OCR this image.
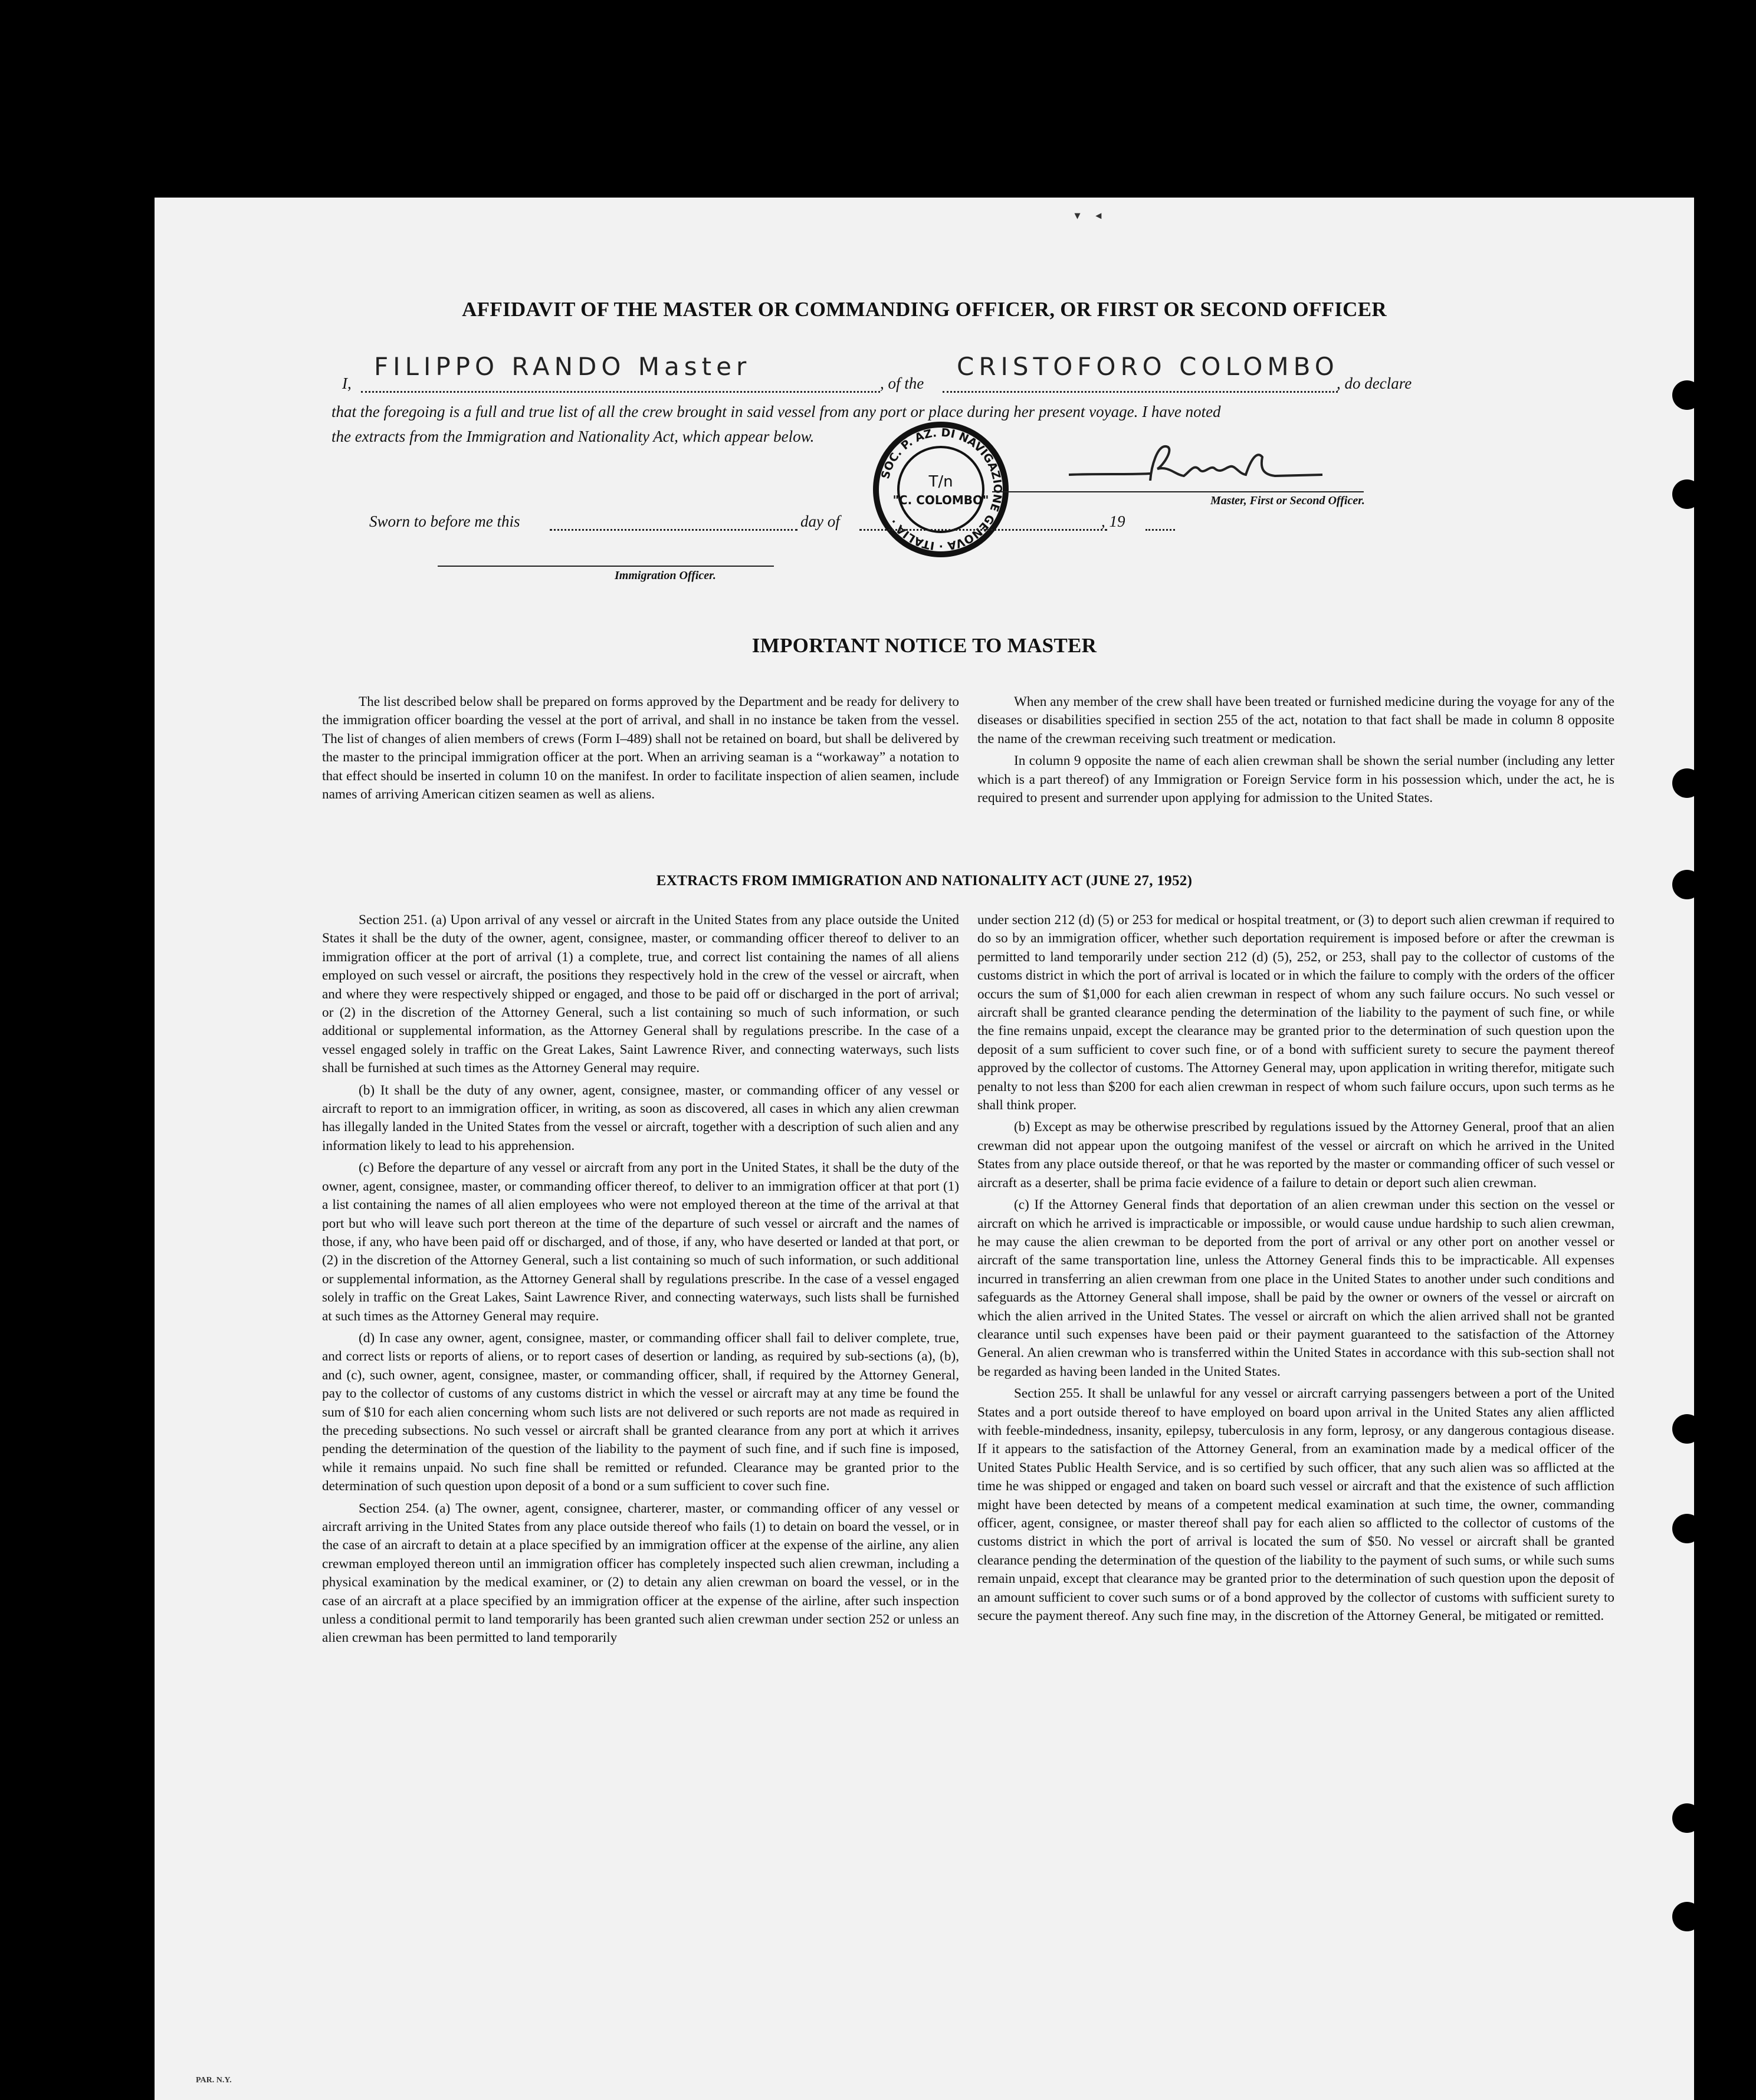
▾      ◂
AFFIDAVIT OF THE MASTER OR COMMANDING OFFICER, OR FIRST OR SECOND OFFICER
I,
FILIPPO RANDO Master
, of the
CRISTOFORO COLOMBO
, do declare
that the foregoing is a full and true list of all the crew brought in said vessel from any port or place during her present voyage. I have noted
the extracts from the Immigration and Nationality Act, which appear below.
SOC. P. AZ. DI NAVIGAZIONE GENOVA · ITALIA ·
T/n
"C. COLOMBO"	Master, First or Second Officer.
Sworn to before me this	day of	, 19
Immigration Officer.
IMPORTANT NOTICE TO MASTER

The list described below shall be prepared on forms approved by the Department and be ready for delivery to the immigration officer boarding the vessel at the port of arrival, and shall in no instance be taken from the vessel. The list of changes of alien members of crews (Form I–489) shall not be retained on board, but shall be delivered by the master to the principal immigration officer at the port. When an arriving seaman is a “workaway” a notation to that effect should be inserted in column 10 on the manifest. In order to facilitate inspection of alien seamen, include names of arriving American citizen seamen as well as aliens.

When any member of the crew shall have been treated or furnished medicine during the voyage for any of the diseases or disabilities specified in section 255 of the act, notation to that fact shall be made in column 8 opposite the name of the crewman receiving such treatment or medication.

In column 9 opposite the name of each alien crewman shall be shown the serial number (including any letter which is a part thereof) of any Immigration or Foreign Service form in his possession which, under the act, he is required to present and surrender upon applying for admission to the United States.

EXTRACTS FROM IMMIGRATION AND NATIONALITY ACT (JUNE 27, 1952)

Section 251. (a) Upon arrival of any vessel or aircraft in the United States from any place outside the United States it shall be the duty of the owner, agent, consignee, master, or commanding officer thereof to deliver to an immigration officer at the port of arrival (1) a complete, true, and correct list containing the names of all aliens employed on such vessel or aircraft, the positions they respectively hold in the crew of the vessel or aircraft, when and where they were respectively shipped or engaged, and those to be paid off or discharged in the port of arrival; or (2) in the discretion of the Attorney General, such a list containing so much of such information, or such additional or supplemental information, as the Attorney General shall by regulations prescribe. In the case of a vessel engaged solely in traffic on the Great Lakes, Saint Lawrence River, and connecting waterways, such lists shall be furnished at such times as the Attorney General may require.

(b) It shall be the duty of any owner, agent, consignee, master, or commanding officer of any vessel or aircraft to report to an immigration officer, in writing, as soon as discovered, all cases in which any alien crewman has illegally landed in the United States from the vessel or aircraft, together with a description of such alien and any information likely to lead to his apprehension.

(c) Before the departure of any vessel or aircraft from any port in the United States, it shall be the duty of the owner, agent, consignee, master, or commanding officer thereof, to deliver to an immigration officer at that port (1) a list containing the names of all alien employees who were not employed thereon at the time of the arrival at that port but who will leave such port thereon at the time of the departure of such vessel or aircraft and the names of those, if any, who have been paid off or discharged, and of those, if any, who have deserted or landed at that port, or (2) in the discretion of the Attorney General, such a list containing so much of such information, or such additional or supplemental information, as the Attorney General shall by regulations prescribe. In the case of a vessel engaged solely in traffic on the Great Lakes, Saint Lawrence River, and connecting waterways, such lists shall be furnished at such times as the Attorney General may require.

(d) In case any owner, agent, consignee, master, or commanding officer shall fail to deliver complete, true, and correct lists or reports of aliens, or to report cases of desertion or landing, as required by sub-sections (a), (b), and (c), such owner, agent, consignee, master, or commanding officer, shall, if required by the Attorney General, pay to the collector of customs of any customs district in which the vessel or aircraft may at any time be found the sum of $10 for each alien concerning whom such lists are not delivered or such reports are not made as required in the preceding subsections. No such vessel or aircraft shall be granted clearance from any port at which it arrives pending the determination of the question of the liability to the payment of such fine, and if such fine is imposed, while it remains unpaid. No such fine shall be remitted or refunded. Clearance may be granted prior to the determination of such question upon deposit of a bond or a sum sufficient to cover such fine.

Section 254. (a) The owner, agent, consignee, charterer, master, or commanding officer of any vessel or aircraft arriving in the United States from any place outside thereof who fails (1) to detain on board the vessel, or in the case of an aircraft to detain at a place specified by an immigration officer at the expense of the airline, any alien crewman employed thereon until an immigration officer has completely inspected such alien crewman, including a physical examination by the medical examiner, or (2) to detain any alien crewman on board the vessel, or in the case of an aircraft at a place specified by an immigration officer at the expense of the airline, after such inspection unless a conditional permit to land temporarily has been granted such alien crewman under section 252 or unless an alien crewman has been permitted to land temporarily

under section 212 (d) (5) or 253 for medical or hospital treatment, or (3) to deport such alien crewman if required to do so by an immigration officer, whether such deportation requirement is imposed before or after the crewman is permitted to land temporarily under section 212 (d) (5), 252, or 253, shall pay to the collector of customs of the customs district in which the port of arrival is located or in which the failure to comply with the orders of the officer occurs the sum of $1,000 for each alien crewman in respect of whom any such failure occurs. No such vessel or aircraft shall be granted clearance pending the determination of the liability to the payment of such fine, or while the fine remains unpaid, except the clearance may be granted prior to the determination of such question upon the deposit of a sum sufficient to cover such fine, or of a bond with sufficient surety to secure the payment thereof approved by the collector of customs. The Attorney General may, upon application in writing therefor, mitigate such penalty to not less than $200 for each alien crewman in respect of whom such failure occurs, upon such terms as he shall think proper.

(b) Except as may be otherwise prescribed by regulations issued by the Attorney General, proof that an alien crewman did not appear upon the outgoing manifest of the vessel or aircraft on which he arrived in the United States from any place outside thereof, or that he was reported by the master or commanding officer of such vessel or aircraft as a deserter, shall be prima facie evidence of a failure to detain or deport such alien crewman.

(c) If the Attorney General finds that deportation of an alien crewman under this section on the vessel or aircraft on which he arrived is impracticable or impossible, or would cause undue hardship to such alien crewman, he may cause the alien crewman to be deported from the port of arrival or any other port on another vessel or aircraft of the same transportation line, unless the Attorney General finds this to be impracticable. All expenses incurred in transferring an alien crewman from one place in the United States to another under such conditions and safeguards as the Attorney General shall impose, shall be paid by the owner or owners of the vessel or aircraft on which the alien arrived in the United States. The vessel or aircraft on which the alien arrived shall not be granted clearance until such expenses have been paid or their payment guaranteed to the satisfaction of the Attorney General. An alien crewman who is transferred within the United States in accordance with this sub-section shall not be regarded as having been landed in the United States.

Section 255. It shall be unlawful for any vessel or aircraft carrying passengers between a port of the United States and a port outside thereof to have employed on board upon arrival in the United States any alien afflicted with feeble-mindedness, insanity, epilepsy, tuberculosis in any form, leprosy, or any dangerous contagious disease. If it appears to the satisfaction of the Attorney General, from an examination made by a medical officer of the United States Public Health Service, and is so certified by such officer, that any such alien was so afflicted at the time he was shipped or engaged and taken on board such vessel or aircraft and that the existence of such affliction might have been detected by means of a competent medical examination at such time, the owner, commanding officer, agent, consignee, or master thereof shall pay for each alien so afflicted to the collector of customs of the customs district in which the port of arrival is located the sum of $50. No vessel or aircraft shall be granted clearance pending the determination of the question of the liability to the payment of such sums, or while such sums remain unpaid, except that clearance may be granted prior to the determination of such question upon the deposit of an amount sufficient to cover such sums or of a bond approved by the collector of customs with sufficient surety to secure the payment thereof. Any such fine may, in the discretion of the Attorney General, be mitigated or remitted.

PAR. N.Y.
